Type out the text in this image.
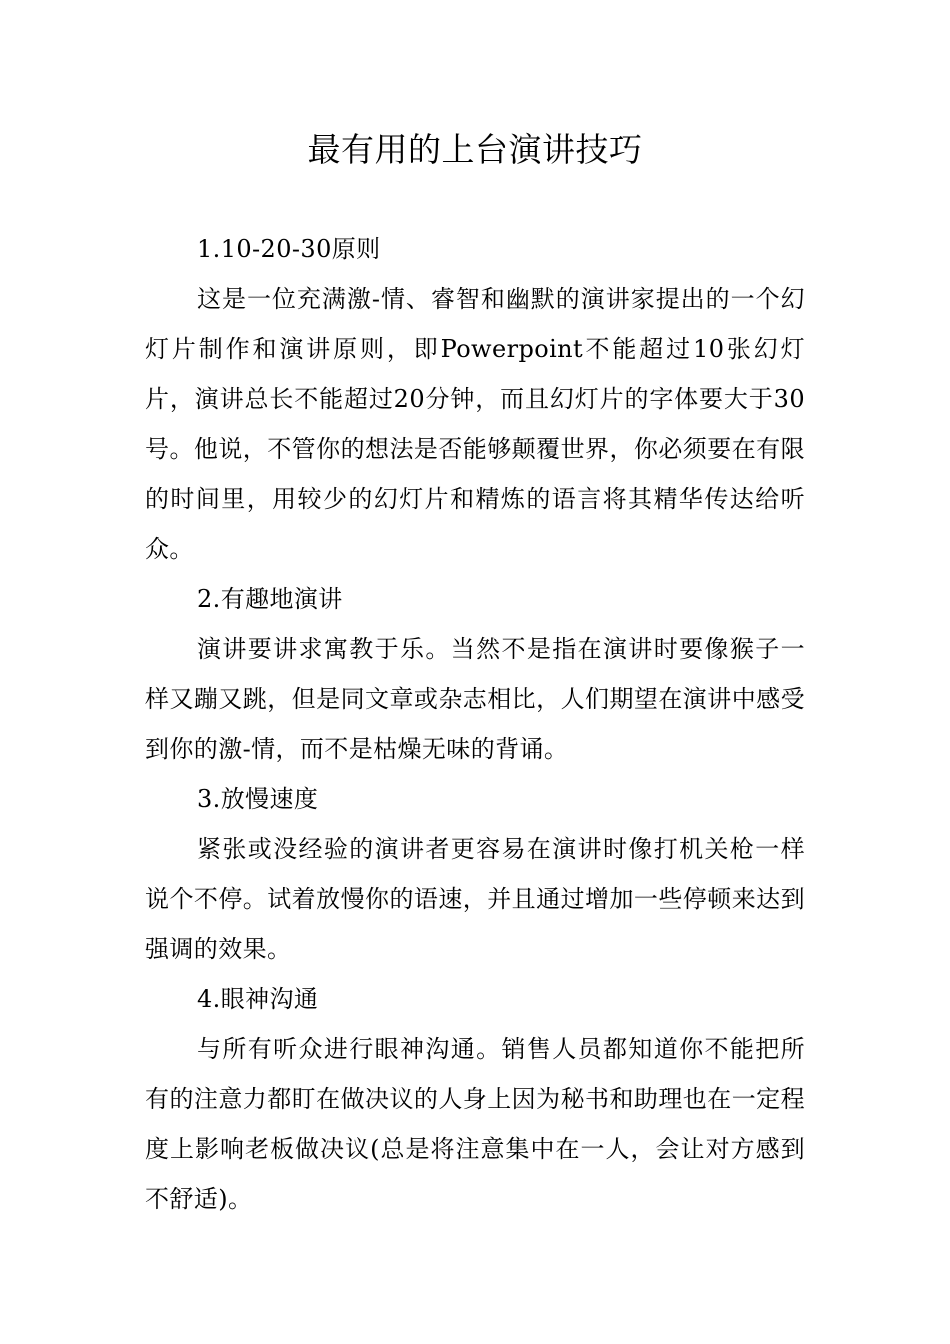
最有用的上台演讲技巧

1.10-20-30原则

这是一位充满激-情、睿智和幽默的演讲家提出的一个幻灯片制作和演讲原则，即Powerpoint不能超过10张幻灯片，演讲总长不能超过20分钟，而且幻灯片的字体要大于30号。他说，不管你的想法是否能够颠覆世界，你必须要在有限的时间里，用较少的幻灯片和精炼的语言将其精华传达给听众。

2.有趣地演讲

演讲要讲求寓教于乐。当然不是指在演讲时要像猴子一样又蹦又跳，但是同文章或杂志相比，人们期望在演讲中感受到你的激-情，而不是枯燥无味的背诵。

3.放慢速度

紧张或没经验的演讲者更容易在演讲时像打机关枪一样说个不停。试着放慢你的语速，并且通过增加一些停顿来达到强调的效果。

4.眼神沟通

与所有听众进行眼神沟通。销售人员都知道你不能把所有的注意力都盯在做决议的人身上因为秘书和助理也在一定程度上影响老板做决议(总是将注意集中在一人，会让对方感到不舒适)。
